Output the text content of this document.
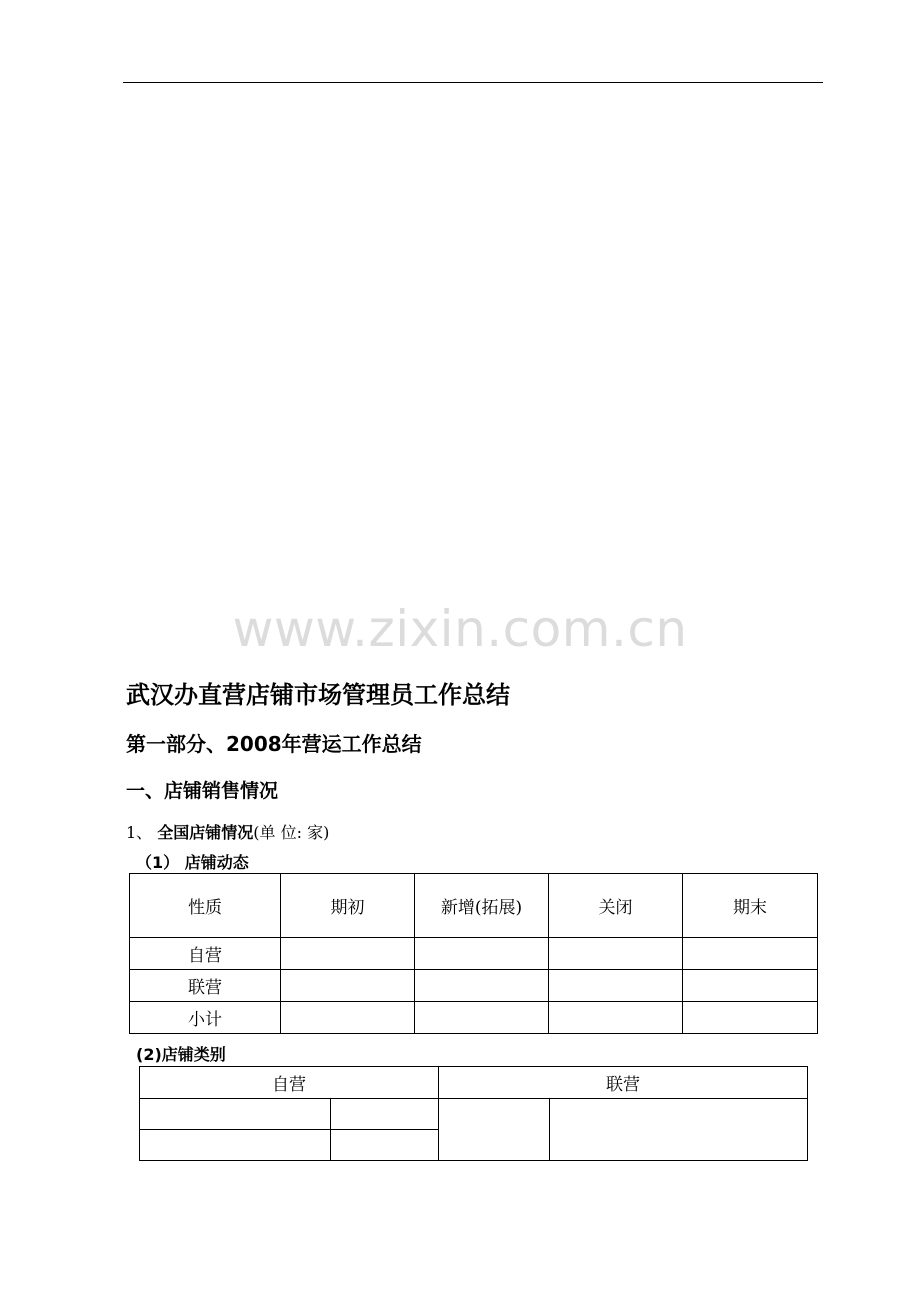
www.zixin.com.cn
武汉办直营店铺市场管理员工作总结
第一部分、2008年营运工作总结
一、店铺销售情况
1、 全国店铺情况(单 位: 家)
（1） 店铺动态
性质	期初	新增(拓展)	关闭	期末
自营				
联营				
小计				
(2)店铺类别
自营		联营	
